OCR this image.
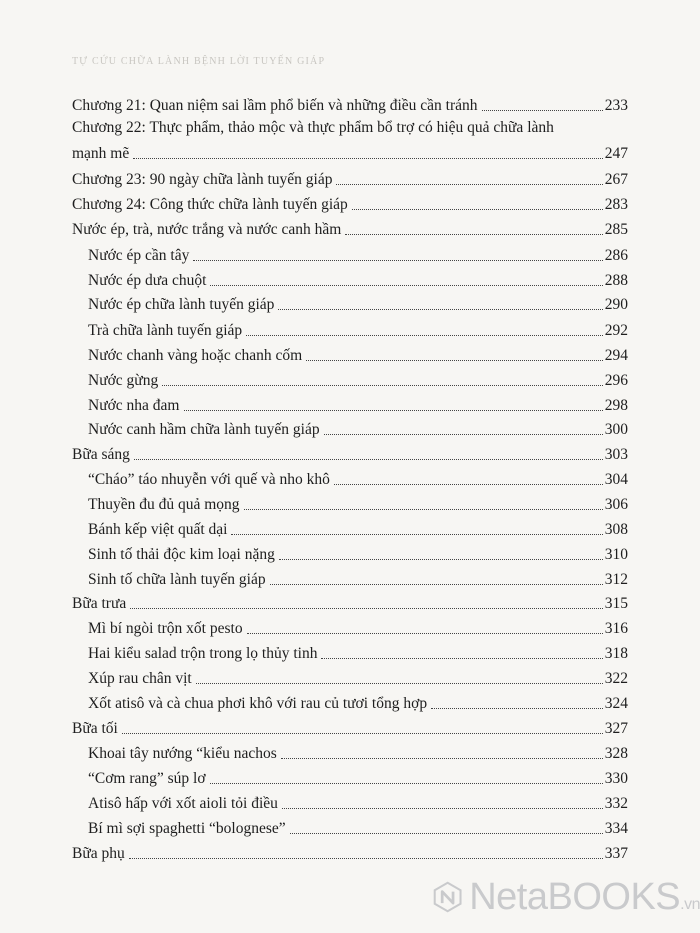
TỰ CỨU CHỮA LÀNH BỆNH LỜI TUYẾN GIÁP
Chương 21: Quan niệm sai lầm phổ biến và những điều cần tránh	233
Chương 22: Thực phẩm, thảo mộc và thực phẩm bổ trợ có hiệu quả chữa lành
mạnh mẽ	247
Chương 23: 90 ngày chữa lành tuyến giáp	267
Chương 24: Công thức chữa lành tuyến giáp	283
Nước ép, trà, nước trắng và nước canh hầm	285
Nước ép cần tây	286
Nước ép dưa chuột	288
Nước ép chữa lành tuyến giáp	290
Trà chữa lành tuyến giáp	292
Nước chanh vàng hoặc chanh cốm	294
Nước gừng	296
Nước nha đam	298
Nước canh hầm chữa lành tuyến giáp	300
Bữa sáng	303
“Cháo” táo nhuyễn với quế và nho khô	304
Thuyền đu đủ quả mọng	306
Bánh kếp việt quất dại	308
Sinh tố thải độc kim loại nặng	310
Sinh tố chữa lành tuyến giáp	312
Bữa trưa	315
Mì bí ngòi trộn xốt pesto	316
Hai kiểu salad trộn trong lọ thủy tinh	318
Xúp rau chân vịt	322
Xốt atisô và cà chua phơi khô với rau củ tươi tổng hợp	324
Bữa tối	327
Khoai tây nướng “kiểu nachos	328
“Cơm rang” súp lơ	330
Atisô hấp với xốt aioli tỏi điều	332
Bí mì sợi spaghetti “bolognese”	334
Bữa phụ	337
NetaBOOKS.vn
